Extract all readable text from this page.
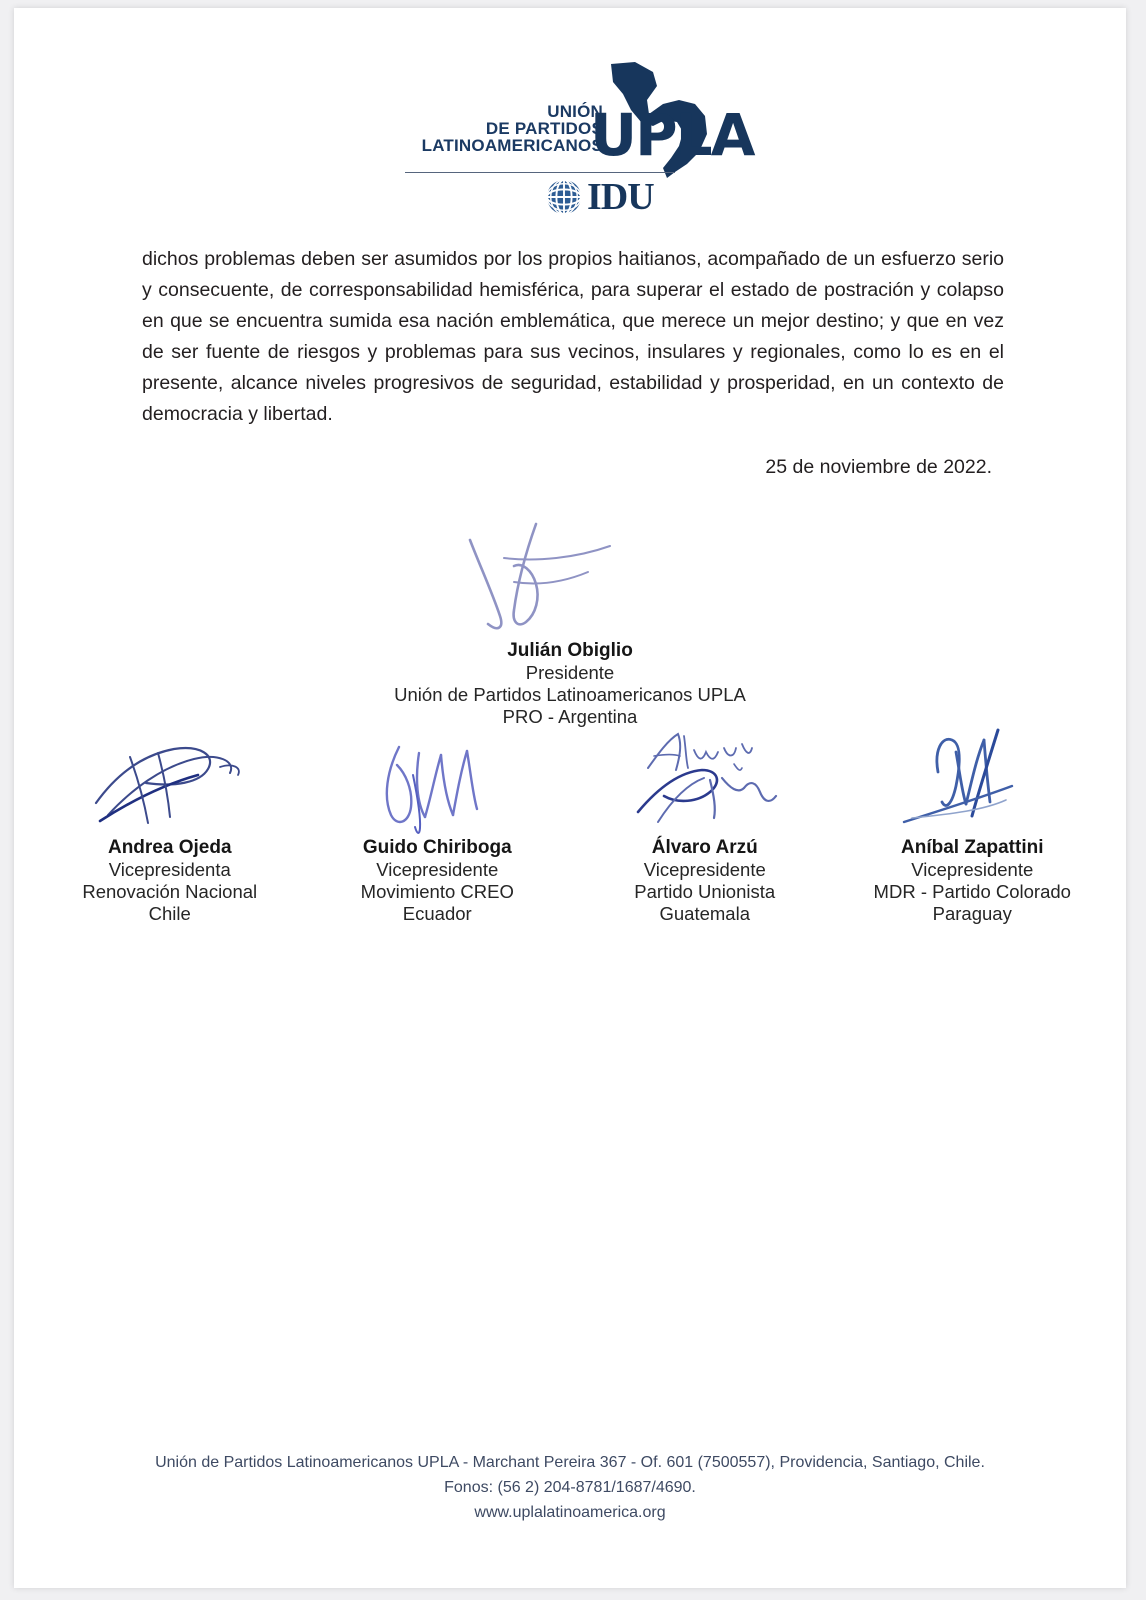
UNIÓN
DE PARTIDOS
LATINOAMERICANOS
UPLA
IDU

dichos problemas deben ser asumidos por los propios haitianos, acompañado de un esfuerzo serio y consecuente, de corresponsabilidad hemisférica, para superar el estado de postración y colapso en que se encuentra sumida esa nación emblemática, que merece un mejor destino; y que en vez de ser fuente de riesgos y problemas para sus vecinos, insulares y regionales, como lo es en el presente, alcance niveles progresivos de seguridad, estabilidad y prosperidad, en un contexto de democracia y libertad.

25 de noviembre de 2022.
Julián Obiglio
Presidente
Unión de Partidos Latinoamericanos UPLA
PRO - Argentina
Andrea Ojeda
Vicepresidenta
Renovación Nacional
Chile
Guido Chiriboga
Vicepresidente
Movimiento CREO
Ecuador
Álvaro Arzú
Vicepresidente
Partido Unionista
Guatemala
Aníbal Zapattini
Vicepresidente
MDR - Partido Colorado
Paraguay
Unión de Partidos Latinoamericanos UPLA - Marchant Pereira 367 - Of. 601 (7500557), Providencia, Santiago, Chile.
Fonos: (56 2) 204-8781/1687/4690.
www.uplalatinoamerica.org
